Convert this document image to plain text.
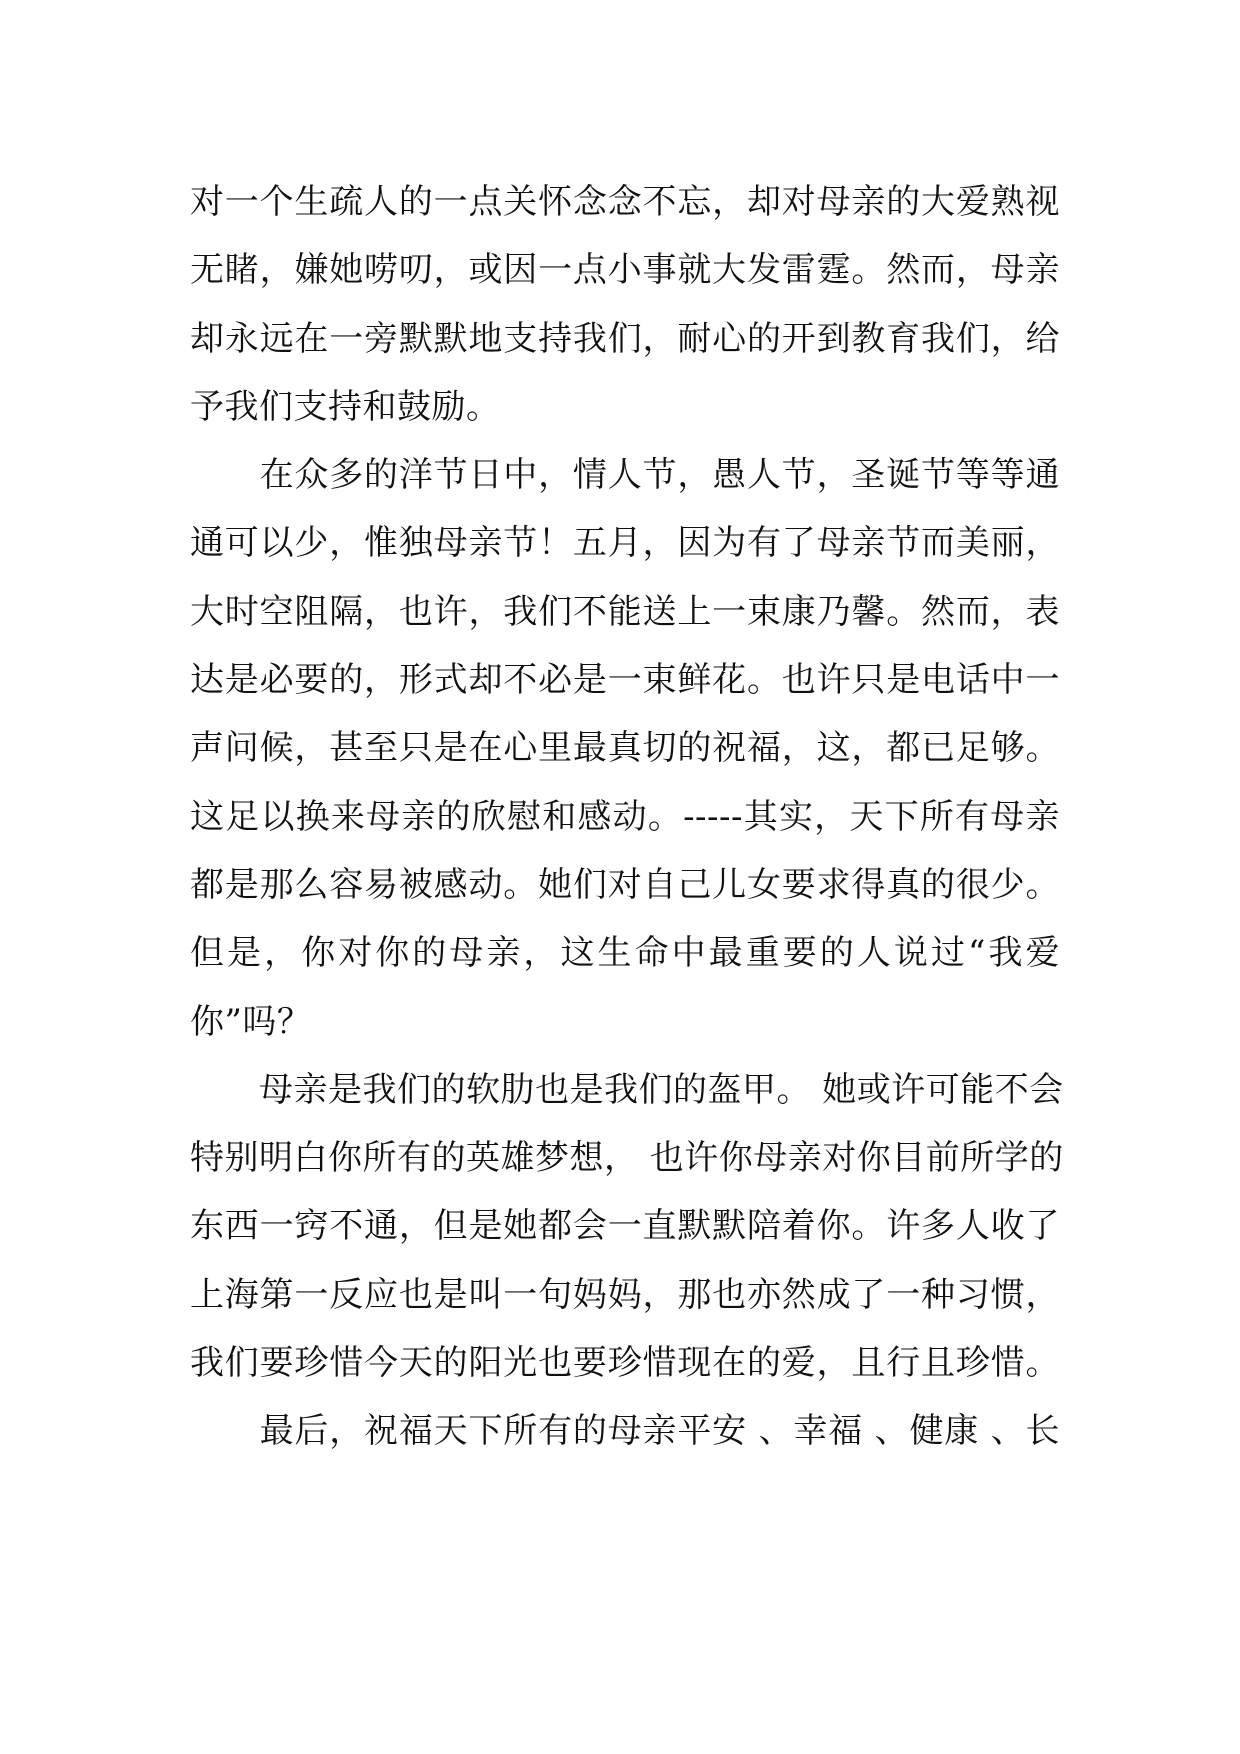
对一个生疏人的一点关怀念念不忘，却对母亲的大爱熟视
无睹，嫌她唠叨，或因一点小事就大发雷霆。然而，母亲
却永远在一旁默默地支持我们，耐心的开到教育我们，给
予我们支持和鼓励。
　　在众多的洋节日中，情人节，愚人节，圣诞节等等通
通可以少，惟独母亲节！五月，因为有了母亲节而美丽，
大时空阻隔，也许，我们不能送上一束康乃馨。然而，表
达是必要的，形式却不必是一束鲜花。也许只是电话中一
声问候，甚至只是在心里最真切的祝福，这，都已足够。
这足以换来母亲的欣慰和感动。-----其实，天下所有母亲
都是那么容易被感动。她们对自己儿女要求得真的很少。
但是，你对你的母亲，这生命中最重要的人说过“我爱
你”吗？
　　母亲是我们的软肋也是我们的盔甲。 她或许可能不会
特别明白你所有的英雄梦想， 也许你母亲对你目前所学的
东西一窍不通，但是她都会一直默默陪着你。许多人收了
上海第一反应也是叫一句妈妈，那也亦然成了一种习惯，
我们要珍惜今天的阳光也要珍惜现在的爱，且行且珍惜。
　　最后，祝福天下所有的母亲平安 、幸福 、健康 、长
